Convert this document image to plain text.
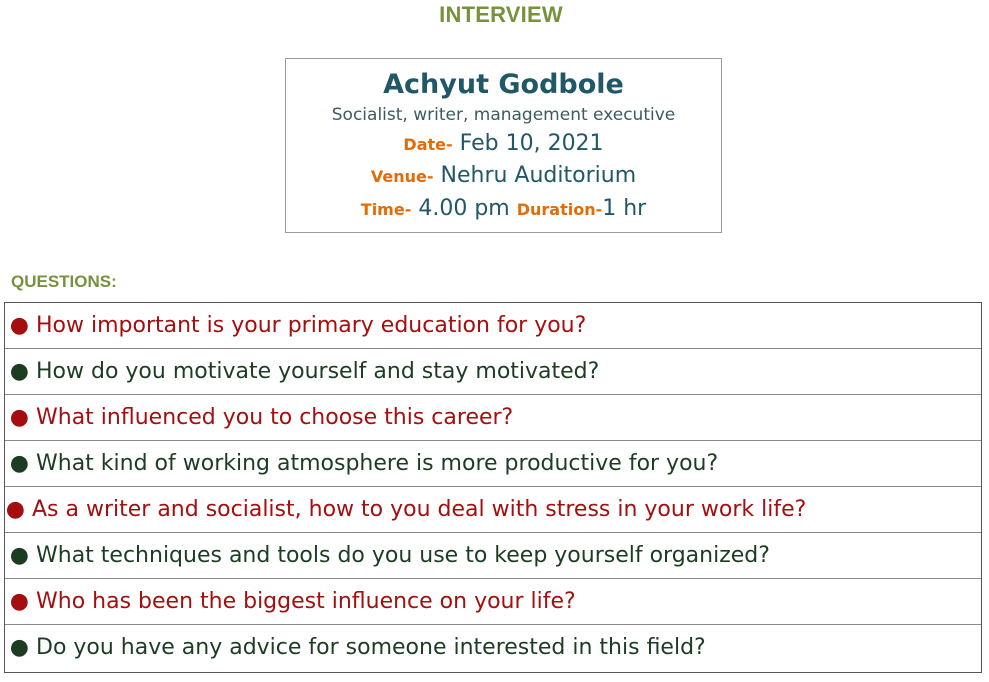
INTERVIEW
Achyut Godbole
Socialist, writer, management executive
Date- Feb 10, 2021
Venue- Nehru Auditorium
Time- 4.00 pm Duration-1 hr
QUESTIONS:
● How important is your primary education for you?
● How do you motivate yourself and stay motivated?
● What influenced you to choose this career?
● What kind of working atmosphere is more productive for you?
● As a writer and socialist, how to you deal with stress in your work life?
● What techniques and tools do you use to keep yourself organized?
● Who has been the biggest influence on your life?
● Do you have any advice for someone interested in this field?
